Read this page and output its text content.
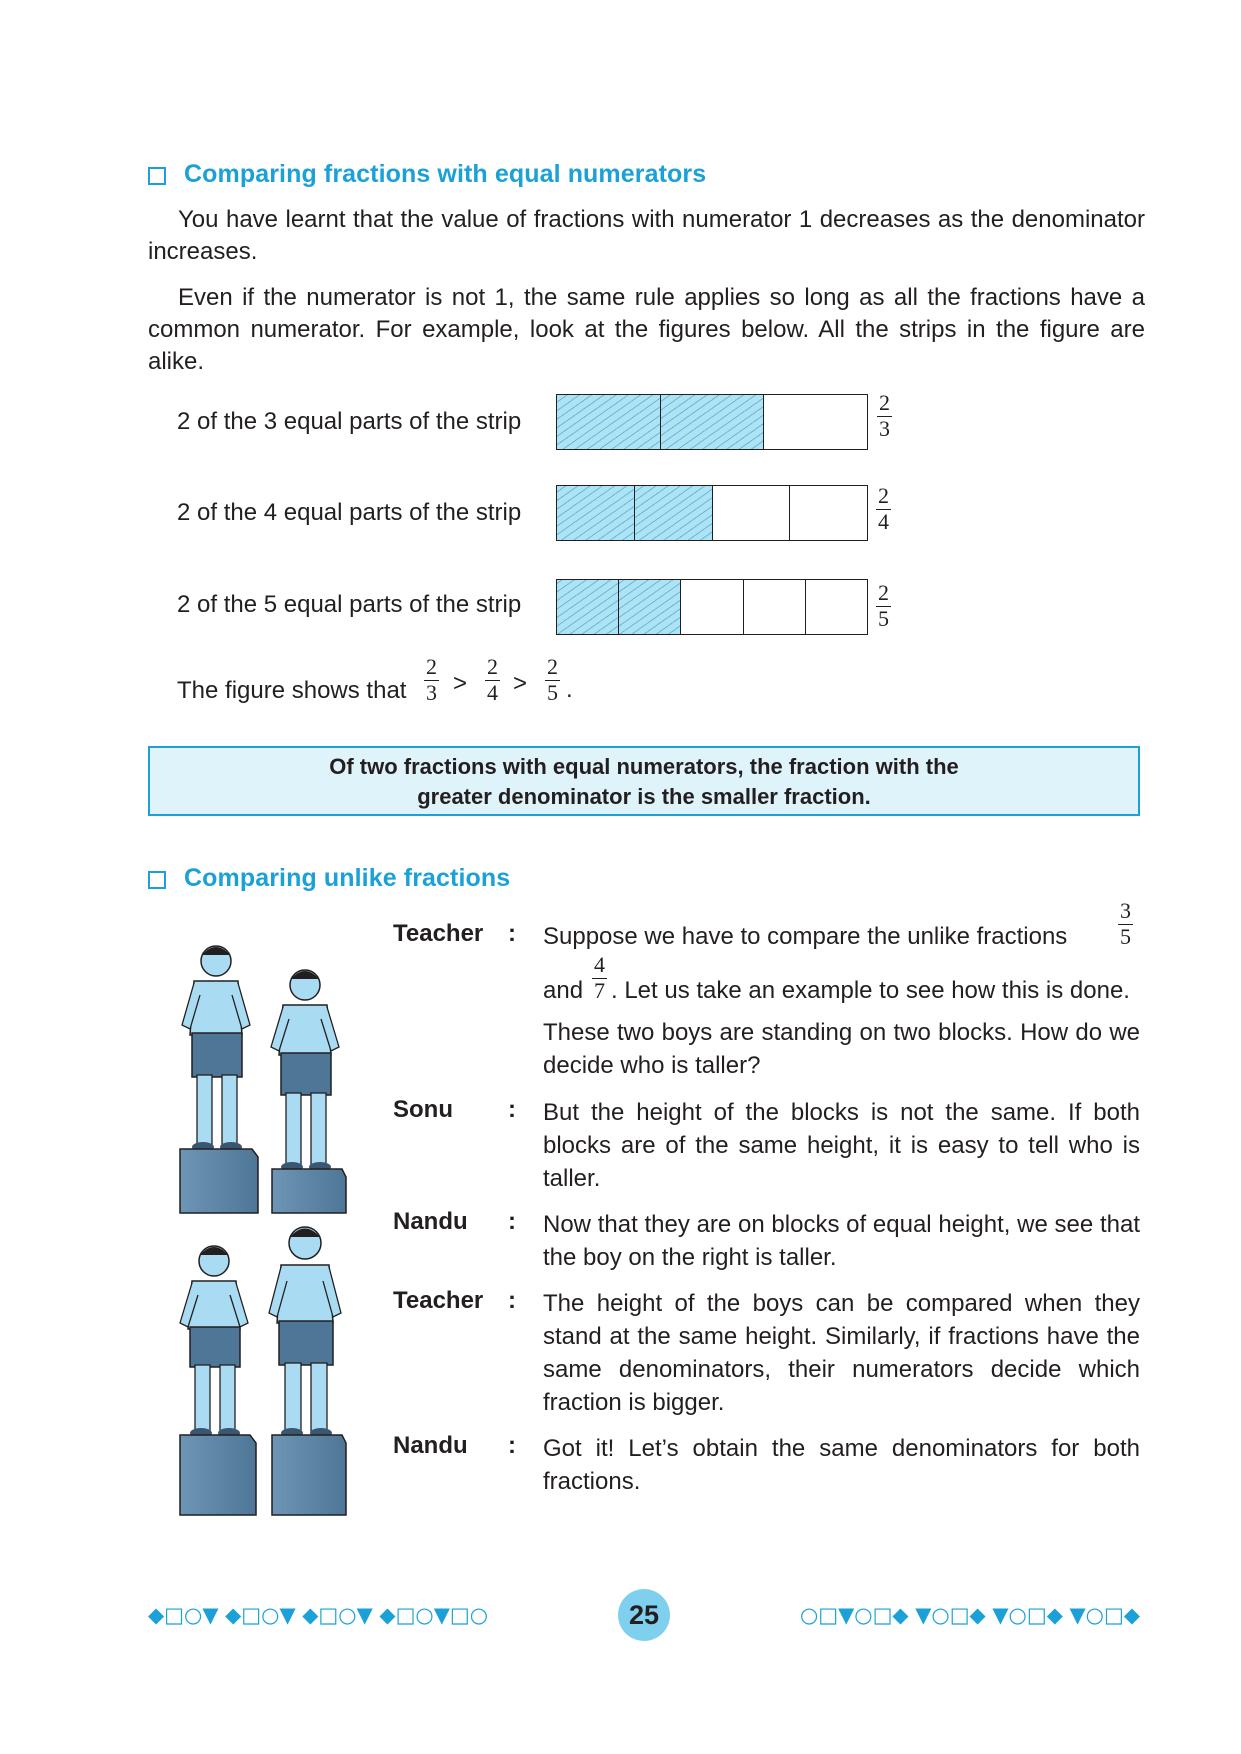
Comparing fractions with equal numerators

You have learnt that the value of fractions with numerator 1 decreases as the denominator increases.

Even if the numerator is not 1, the same rule applies so long as all the fractions have a common numerator. For example, look at the figures below. All the strips in the figure are alike.

2 of the 3 equal parts of the strip
2
3
2 of the 4 equal parts of the strip
2
4
2 of the 5 equal parts of the strip	2
5
The figure shows that
2
3 >
2
4 >
2
5 .
Of two fractions with equal numerators, the fraction with the
greater denominator is the smaller fraction.
Comparing unlike fractions
Teacher : Suppose we have to compare the unlike fractions
3
5
and
4
7 . Let us take an example to see how this is done.

These two boys are standing on two blocks. How do we decide who is taller?

Sonu : But the height of the blocks is not the same. If both blocks are of the same height, it is easy to tell who is taller.

Nandu : Now that they are on blocks of equal height, we see that the boy on the right is taller.

Teacher : The height of the boys can be compared when they stand at the same height. Similarly, if fractions have the same denominators, their numerators decide which fraction is bigger.

Nandu : Got it! Let’s obtain the same denominators for both fractions.

◆□○▼ ◆□○▼ ◆□○▼ ◆□○▼□○	25	○□▼○□◆ ▼○□◆ ▼○□◆ ▼○□◆
